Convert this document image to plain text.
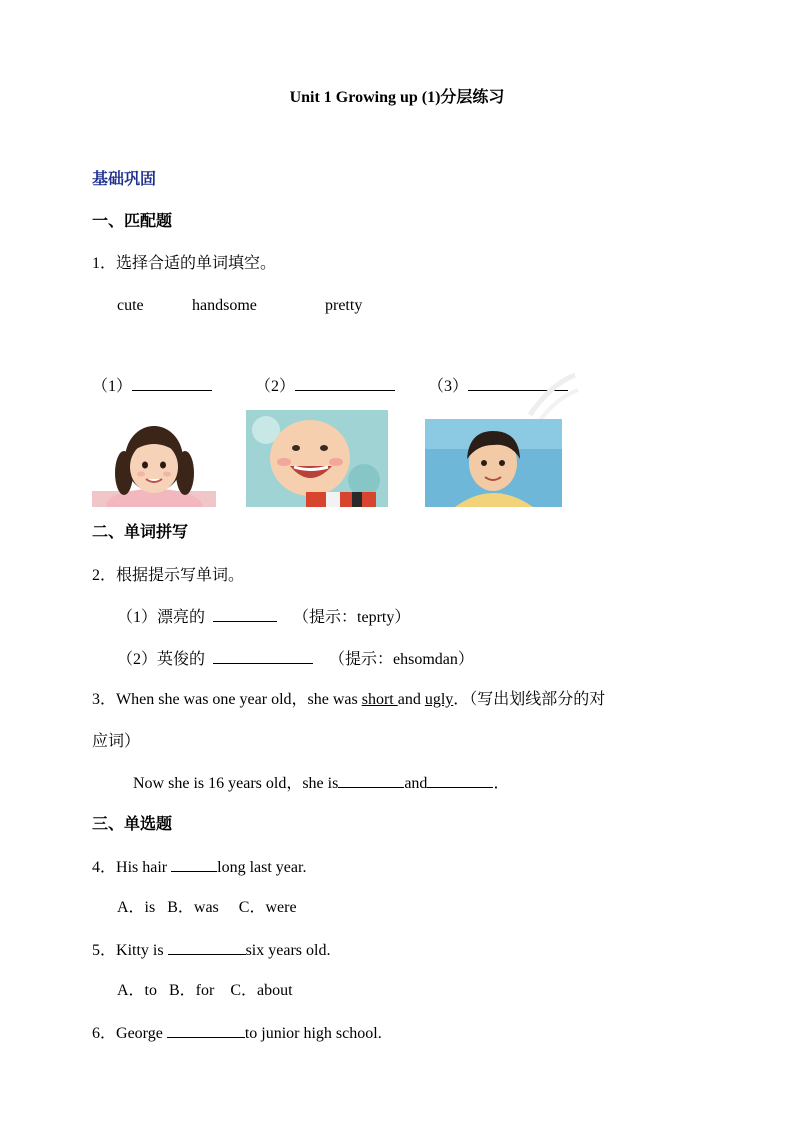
Unit 1 Growing up (1)分层练习
基础巩固
一、匹配题
1．选择合适的单词填空。
cute	handsome	pretty
（1）	（2）	（3）
二、单词拼写
2．根据提示写单词。
（1）漂亮的	（提示：teprty）
（2）英俊的	（提示：ehsomdan）
3．When she was one year old，she was short and ugly．（写出划线部分的对
应词）
Now she is 16 years old，she is	and	．
三、单选题
4．His hair	long last year.
A．is   B．was     C．were
5．Kitty is	six years old.
A．to   B．for    C．about
6．George	to junior high school.
